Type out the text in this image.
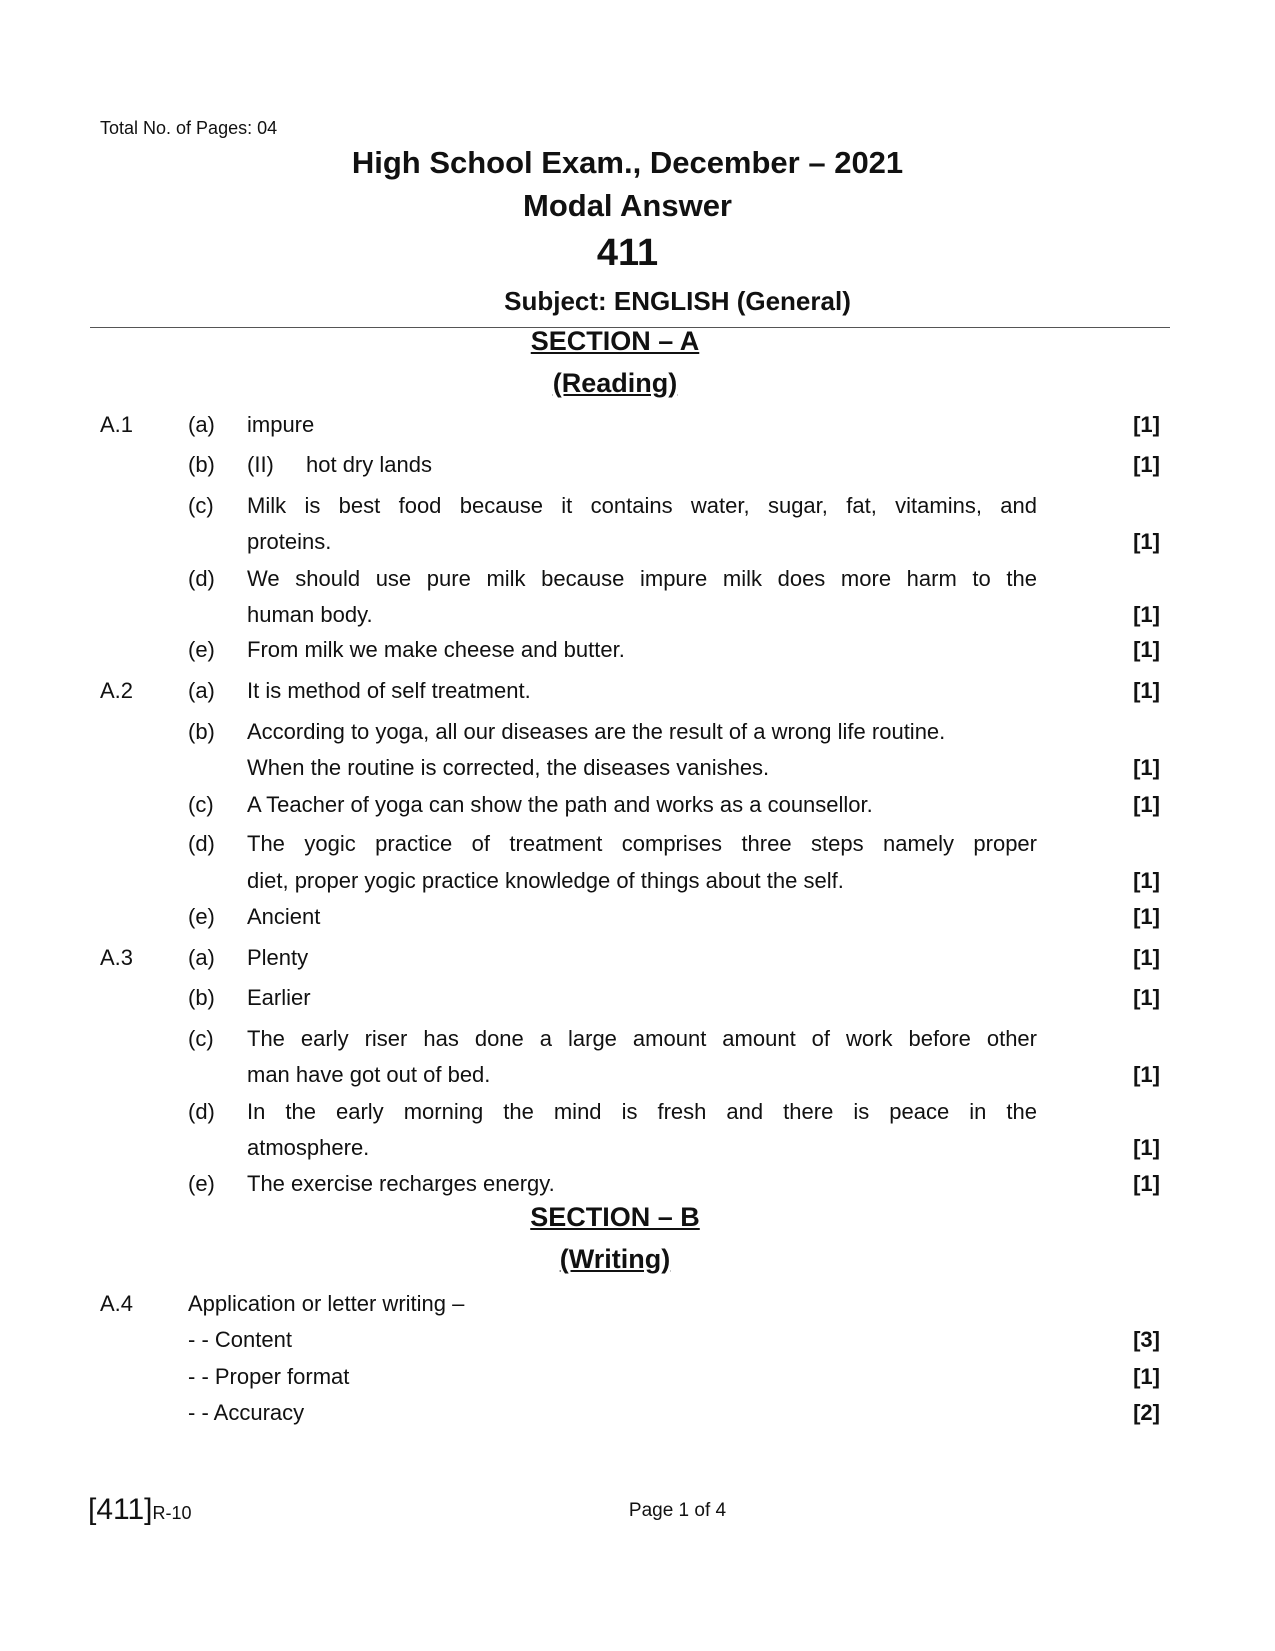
Total No. of Pages: 04
High School Exam., December – 2021
Modal Answer
411
Subject: ENGLISH (General)
SECTION – A
(Reading)
A.1 (a) impure	[1]
(b) (II) hot dry lands	[1]
(c) Milk is best food because it contains water, sugar, fat, vitamins, and
proteins.	[1]
(d) We should use pure milk because impure milk does more harm to the
human body.	[1]
(e) From milk we make cheese and butter.	[1]
A.2 (a) It is method of self treatment.	[1]
(b) According to yoga, all our diseases are the result of a wrong life routine.
When the routine is corrected, the diseases vanishes.	[1]
(c) A Teacher of yoga can show the path and works as a counsellor.	[1]
(d) The yogic practice of treatment comprises three steps namely proper
diet, proper yogic practice knowledge of things about the self.	[1]
(e) Ancient	[1]
A.3 (a) Plenty	[1]
(b) Earlier	[1]
(c) The early riser has done a large amount amount of work before other
man have got out of bed.	[1]
(d) In the early morning the mind is fresh and there is peace in the
atmosphere.	[1]
(e) The exercise recharges energy.	[1]
SECTION – B
(Writing)
A.4 Application or letter writing –
- - Content	[3]
- - Proper format	[1]
- - Accuracy	[2]
[411]R-10	Page 1 of 4
